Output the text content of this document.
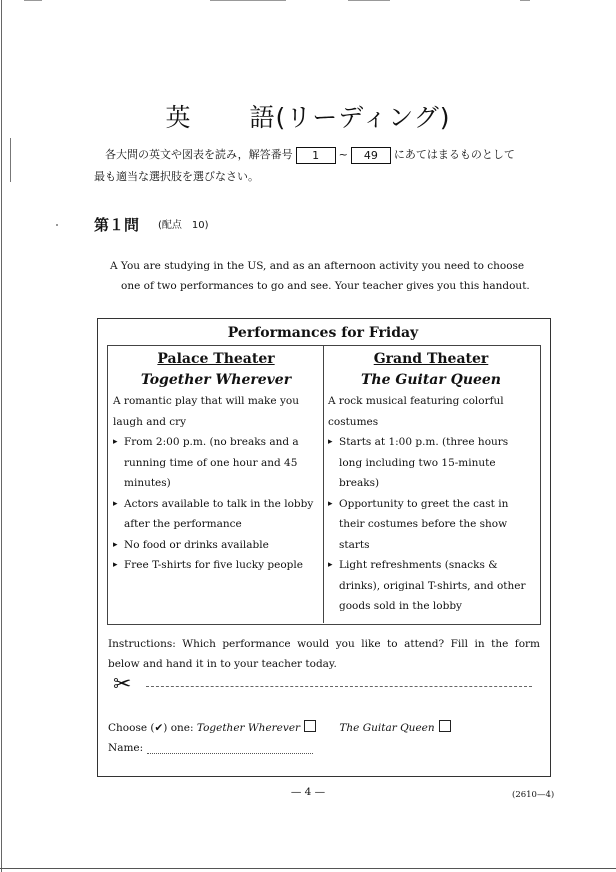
英 語(リーディング)
各大問の英文や図表を読み，解答番号 1 ~ 49 にあてはまるものとして
最も適当な選択肢を選びなさい。
第１問 (配点　10)
A You are studying in the US, and as an afternoon activity you need to choose
one of two performances to go and see. Your teacher gives you this handout.
Performances for Friday
Palace Theater
Together Wherever
A romantic play that will make you laugh and cry
▸ From 2:00 p.m. (no breaks and a running time of one hour and 45 minutes)
▸ Actors available to talk in the lobby after the performance
▸ No food or drinks available
▸ Free T-shirts for five lucky people
Grand Theater
The Guitar Queen
A rock musical featuring colorful costumes
▸ Starts at 1:00 p.m. (three hours long including two 15-minute breaks)
▸ Opportunity to greet the cast in their costumes before the show starts
▸ Light refreshments (snacks & drinks), original T-shirts, and other goods sold in the lobby
Instructions: Which performance would you like to attend? Fill in the form below and hand it in to your teacher today.
✂
Choose (✔) one: Together Wherever	The Guitar Queen
Name:
— 4 —	(2610—4)
